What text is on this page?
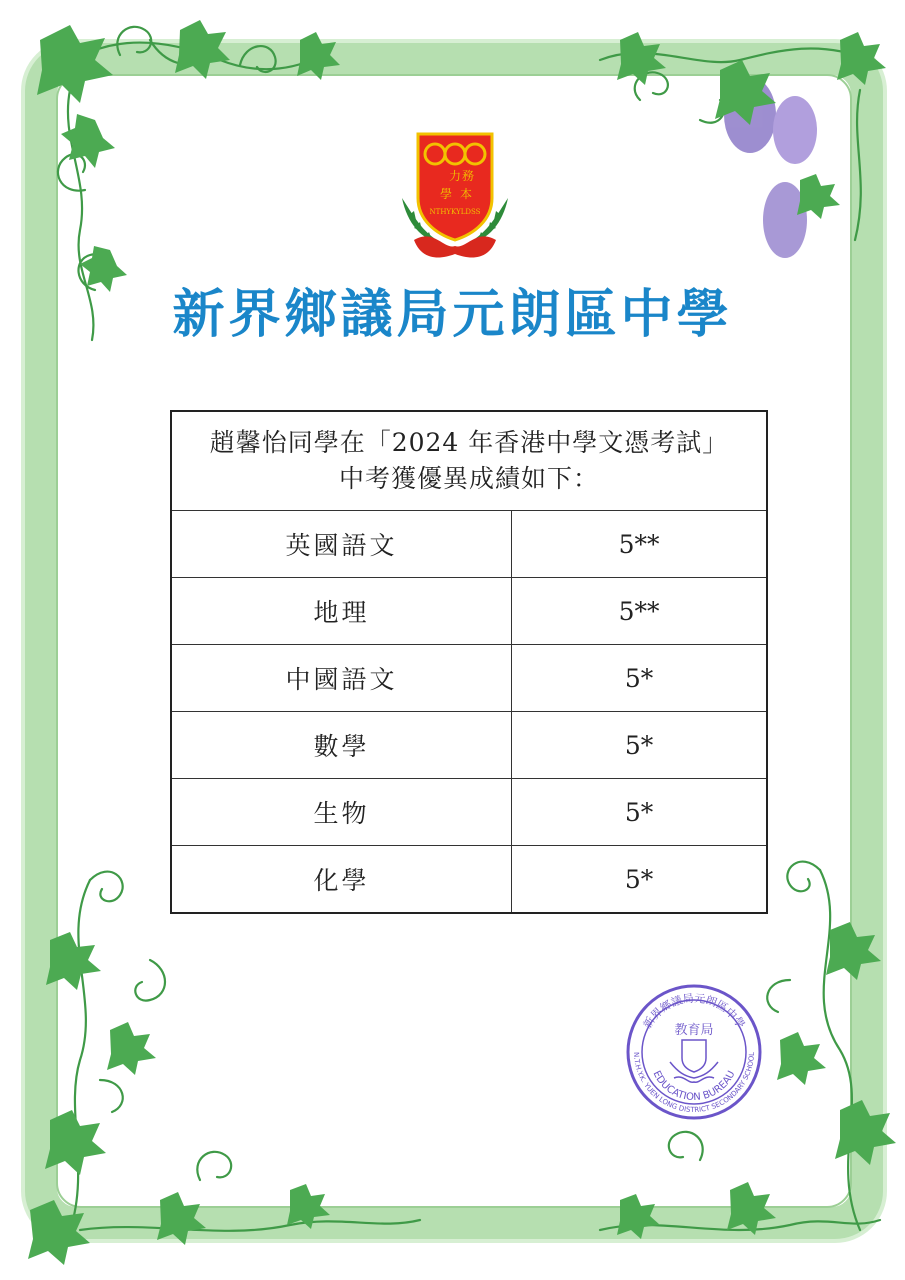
力 務
學 本
NTHYKYLDSS
新界鄉議局元朗區中學
趙馨怡同學在「2024 年香港中學文憑考試」
中考獲優異成績如下：	

英國語文	5**
地理	5**
中國語文	5*
數學	5*
生物	5*
化學	5*
新界鄉議局元朗區中學
N.T.H.Y.K. YUEN LONG DISTRICT SECONDARY SCHOOL
教育局
EDUCATION BUREAU
